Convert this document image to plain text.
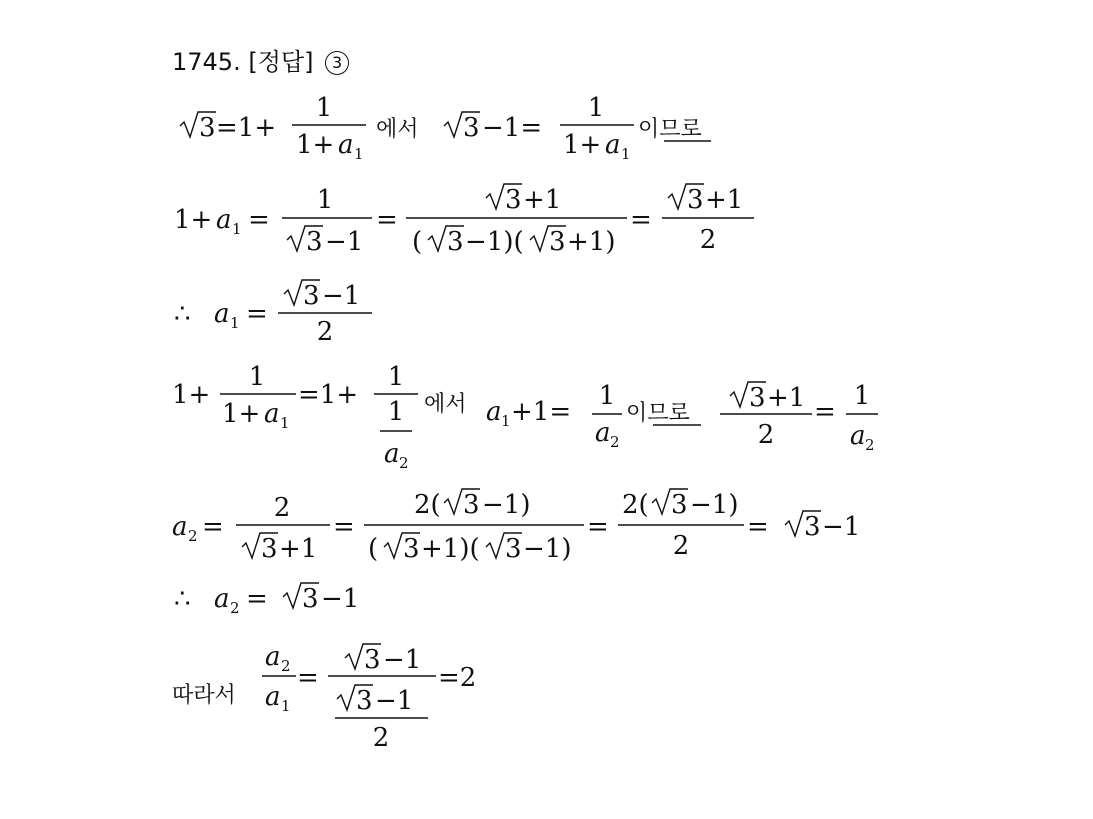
1745. [정답] 3
3 =1+
1
1+ a 1
에서 3 −1=
1
1+ a 1
이므로
1+ a 1 =
1
3 −1
=
3 +1
( 3 −1)( 3 +1)
=
3 +1
2
∴ a 1 =
3 −1
2
1+
1
1+ a 1
=1+
1
1
a 2
에서 a 1 +1=
1
a 2
이므로
3 +1
2
=
1
a 2
a 2 =
2
3 +1
=
2( 3 −1)
( 3 +1)( 3 −1)
=
2( 3 −1)
2
= 3 −1
∴ a 2 = 3 −1
따라서
a 2
a 1
=
3 −1
3 −1
2
=2
